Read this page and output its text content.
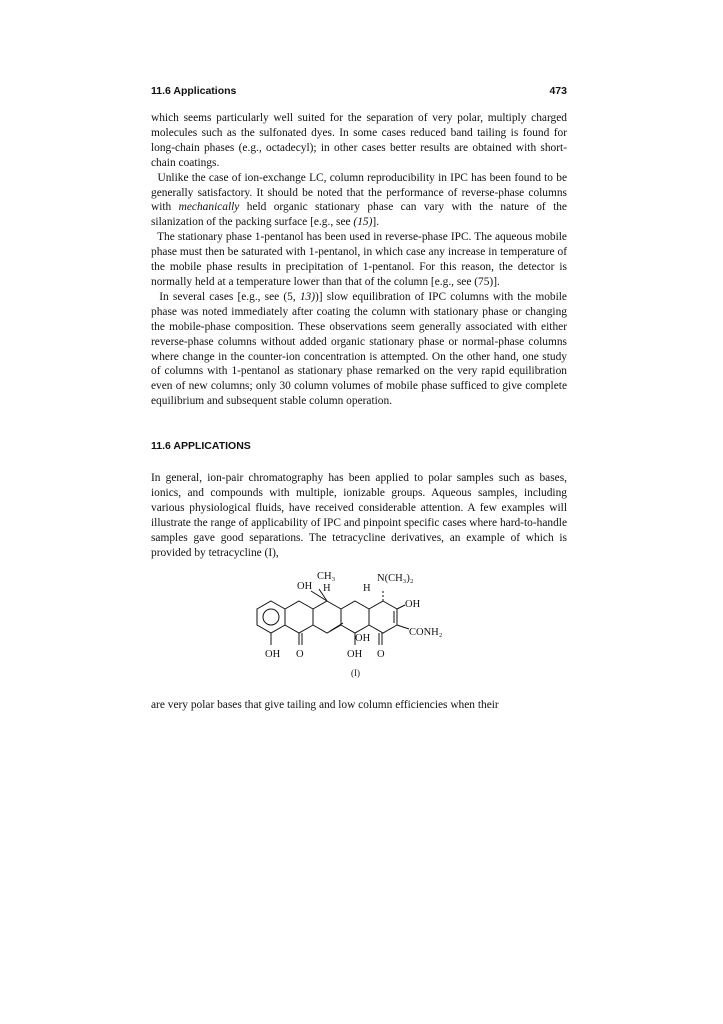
11.6 Applications	473

which seems particularly well suited for the separation of very polar, multiply charged molecules such as the sulfonated dyes. In some cases reduced band tailing is found for long-chain phases (e.g., octadecyl); in other cases better results are obtained with short-chain coatings.

Unlike the case of ion-exchange LC, column reproducibility in IPC has been found to be generally satisfactory. It should be noted that the performance of reverse-phase columns with mechanically held organic stationary phase can vary with the nature of the silanization of the packing surface [e.g., see (15)].

The stationary phase 1-pentanol has been used in reverse-phase IPC. The aqueous mobile phase must then be saturated with 1-pentanol, in which case any increase in temperature of the mobile phase results in precipitation of 1-pentanol. For this reason, the detector is normally held at a temperature lower than that of the column [e.g., see (75)].

In several cases [e.g., see (5, 13))] slow equilibration of IPC columns with the mobile phase was noted immediately after coating the column with stationary phase or changing the mobile-phase composition. These observations seem generally associated with either reverse-phase columns without added organic stationary phase or normal-phase columns where change in the counter-ion concentration is attempted. On the other hand, one study of columns with 1-pentanol as stationary phase remarked on the very rapid equilibration even of new columns; only 30 column volumes of mobile phase sufficed to give complete equilibrium and subsequent stable column operation.

11.6 APPLICATIONS

In general, ion-pair chromatography has been applied to polar samples such as bases, ionics, and compounds with multiple, ionizable groups. Aqueous samples, including various physiological fluids, have received considerable attention. A few examples will illustrate the range of applicability of IPC and pinpoint specific cases where hard-to-handle samples gave good separations. The tetracycline derivatives, an example of which is provided by tetracycline (I),

CH₃
OH H	H
N(CH₃)₂
OH
OH
CONH₂
OH O	OH O
(I)

are very polar bases that give tailing and low column efficiencies when their
